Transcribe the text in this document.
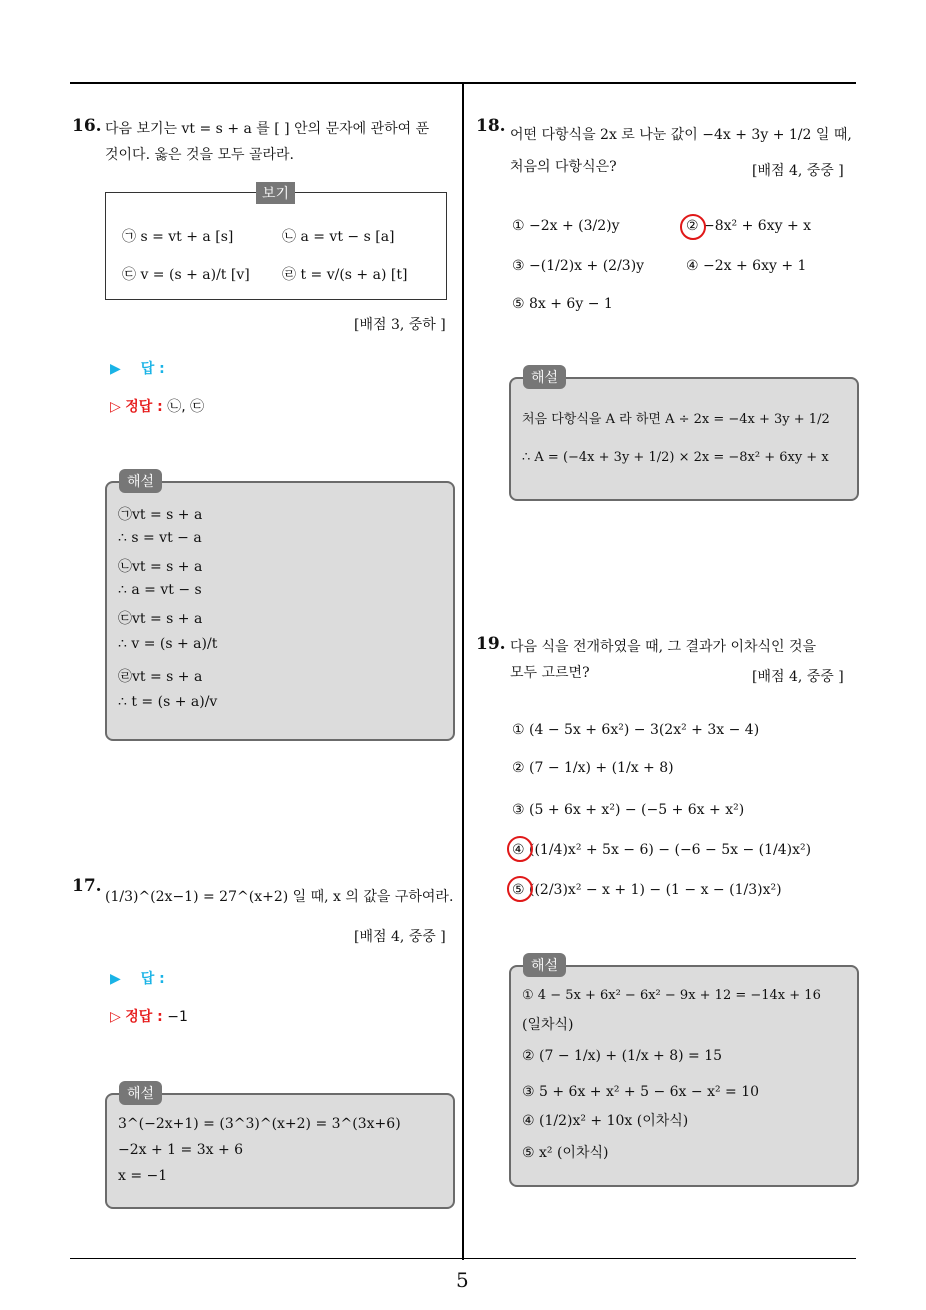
5
16. 다음 보기는 vt = s + a 를 [ ] 안의 문자에 관하여 푼
것이다. 옳은 것을 모두 골라라.
보기
㉠ s = vt + a [s]	㉡ a = vt − s [a]
㉢ v = (s + a)/t [v] ㉣ t = v/(s + a) [t]
[배점 3, 중하 ]
▶ 답 :
▷ 정답 : ㉡, ㉢
해설
㉠vt = s + a
∴ s = vt − a
㉡vt = s + a
∴ a = vt − s
㉢vt = s + a
∴ v = (s + a)/t
㉣vt = s + a
∴ t = (s + a)/v
17.
(1/3)^(2x−1) = 27^(x+2) 일 때, x 의 값을 구하여라.
[배점 4, 중중 ]
▶ 답 :
▷ 정답 : −1
해설
3^(−2x+1) = (3^3)^(x+2) = 3^(3x+6)
−2x + 1 = 3x + 6
x = −1
18. 어떤 다항식을 2x 로 나눈 값이 −4x + 3y + 1/2 일 때,
처음의 다항식은?	[배점 4, 중중 ]
① −2x + (3/2)y	② −8x² + 6xy + x
③ −(1/2)x + (2/3)y	④ −2x + 6xy + 1
⑤ 8x + 6y − 1
해설
처음 다항식을 A 라 하면 A ÷ 2x = −4x + 3y + 1/2
∴ A = (−4x + 3y + 1/2) × 2x = −8x² + 6xy + x
19. 다음 식을 전개하였을 때, 그 결과가 이차식인 것을
모두 고르면?	[배점 4, 중중 ]
① (4 − 5x + 6x²) − 3(2x² + 3x − 4)
② (7 − 1/x) + (1/x + 8)
③ (5 + 6x + x²) − (−5 + 6x + x²)
④ ((1/4)x² + 5x − 6) − (−6 − 5x − (1/4)x²)
⑤ ((2/3)x² − x + 1) − (1 − x − (1/3)x²)
해설
① 4 − 5x + 6x² − 6x² − 9x + 12 = −14x + 16
(일차식)
② (7 − 1/x) + (1/x + 8) = 15
③ 5 + 6x + x² + 5 − 6x − x² = 10
④ (1/2)x² + 10x (이차식)
⑤ x² (이차식)
